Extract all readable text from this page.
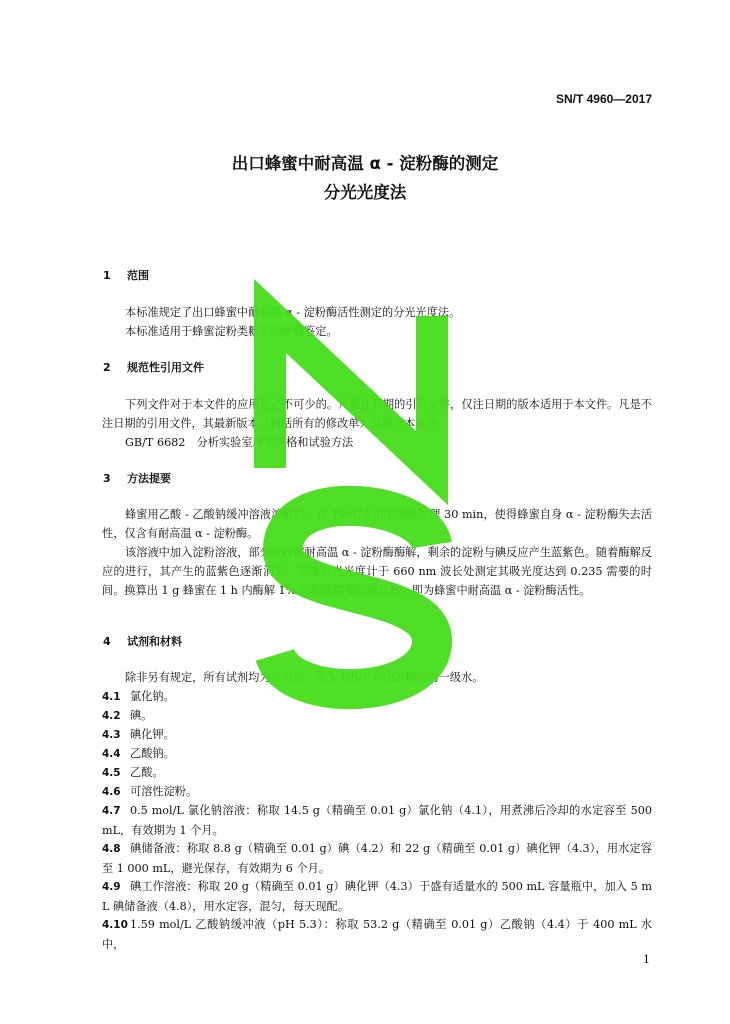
SN/T 4960—2017
出口蜂蜜中耐高温 α - 淀粉酶的测定
分光光度法
1 范围
本标准规定了出口蜂蜜中耐高温 α - 淀粉酶活性测定的分光光度法。
本标准适用于蜂蜜淀粉类糖浆的掺假鉴定。
2 规范性引用文件
下列文件对于本文件的应用是必不可少的。凡是注日期的引用文件，仅注日期的版本适用于本文件。凡是不注日期的引用文件，其最新版本（包括所有的修改单）适用于本文件。
GB/T 6682　分析实验室用水规格和试验方法
3 方法提要
蜂蜜用乙酸 - 乙酸钠缓冲溶液溶解后，在 70 ℃水浴下加热处理 30 min，使得蜂蜜自身 α - 淀粉酶失去活性，仅含有耐高温 α - 淀粉酶。
该溶液中加入淀粉溶液，部分淀粉被耐高温 α - 淀粉酶酶解，剩余的淀粉与碘反应产生蓝紫色。随着酶解反应的进行，其产生的蓝紫色逐渐消失。采用分光光度计于 660 nm 波长处测定其吸光度达到 0.235 需要的时间。换算出 1 g 蜂蜜在 1 h 内酶解 1% 淀粉所需要的毫升数，即为蜂蜜中耐高温 α - 淀粉酶活性。
4 试剂和材料
除非另有规定，所有试剂均为分析纯，水为 GB/T 6682 规定的一级水。
4.1 氯化钠。
4.2 碘。
4.3 碘化钾。
4.4 乙酸钠。
4.5 乙酸。
4.6 可溶性淀粉。
4.7 0.5 mol/L 氯化钠溶液：称取 14.5 g（精确至 0.01 g）氯化钠（4.1），用煮沸后冷却的水定容至 500 mL，有效期为 1 个月。
4.8 碘储备液：称取 8.8 g（精确至 0.01 g）碘（4.2）和 22 g（精确至 0.01 g）碘化钾（4.3），用水定容至 1 000 mL，避光保存，有效期为 6 个月。
4.9 碘工作溶液：称取 20 g（精确至 0.01 g）碘化钾（4.3）于盛有适量水的 500 mL 容量瓶中，加入 5 mL 碘储备液（4.8），用水定容，混匀，每天现配。
4.10 1.59 mol/L 乙酸钠缓冲液（pH 5.3）：称取 53.2 g（精确至 0.01 g）乙酸钠（4.4）于 400 mL 水中，
1
